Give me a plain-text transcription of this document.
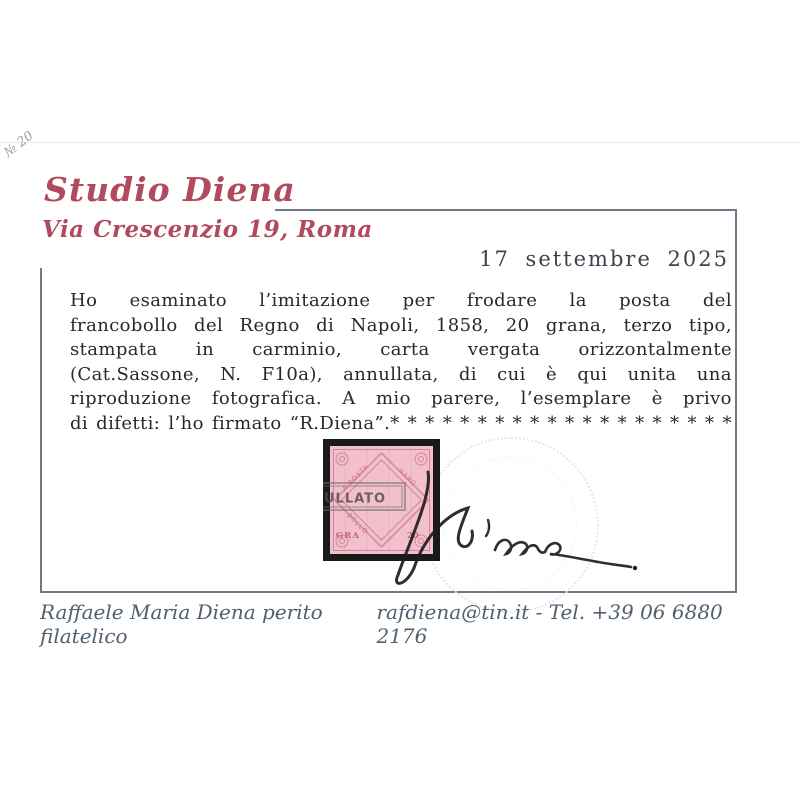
№ 20
Studio Diena
Via Crescenzio 19, Roma
17 settembre 2025
Ho esaminato l’imitazione per frodare la posta del
francobollo del Regno di Napoli, 1858, 20 grana, terzo tipo,
stampata in carminio, carta vergata orizzontalmente
(Cat.Sassone, N. F10a), annullata, di cui è qui unita una
riproduzione fotografica. A mio parere, l’esemplare è privo
di difetti: l’ho firmato “R.Diena”.* * * * * * * * * * * * * * * * * * * *
A POSTA	NAPO
BOLLO
GRA	20
ULLATO
Raffaele Maria Diena perito filatelico
rafdiena@tin.it - Tel. +39 06 6880 2176
